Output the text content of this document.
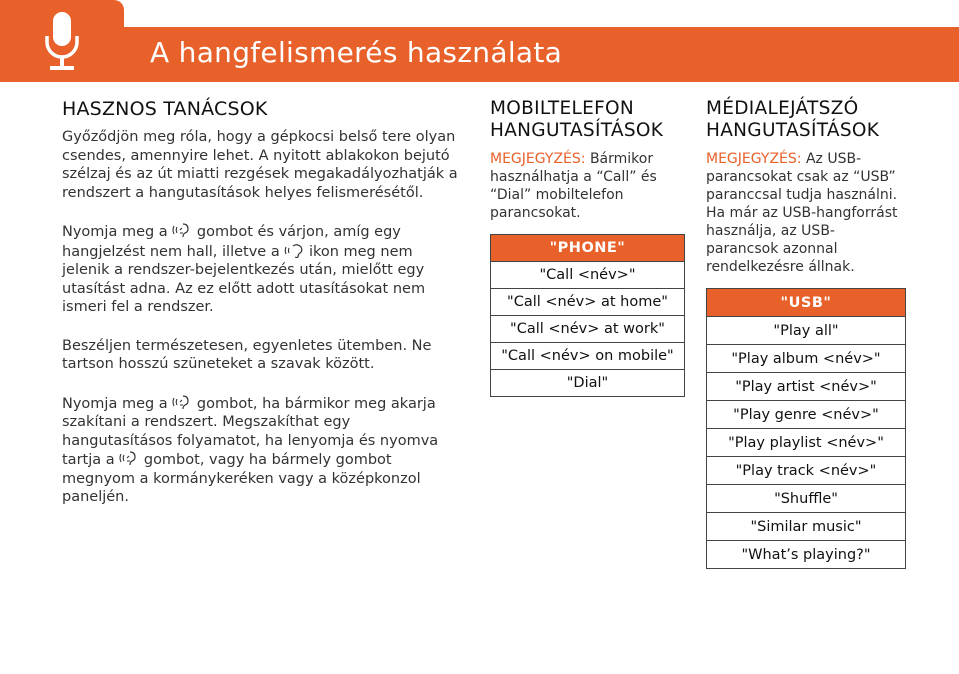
A hangfelismerés használata
HASZNOS TANÁCSOK

Győződjön meg róla, hogy a gépkocsi belső tere olyan csendes, amennyire lehet. A nyitott ablakokon bejutó szélzaj és az út miatti rezgések megakadályozhatják a rendszert a hangutasítások helyes felismerésétől.

Nyomja meg a gombot és várjon, amíg egy hangjelzést nem hall, illetve a ikon meg nem jelenik a rendszer-bejelentkezés után, mielőtt egy utasítást adna. Az ez előtt adott utasításokat nem ismeri fel a rendszer.

Beszéljen természetesen, egyenletes ütemben. Ne tartson hosszú szüneteket a szavak között.

Nyomja meg a gombot, ha bármikor meg akarja szakítani a rendszert. Megszakíthat egy hangutasításos folyamatot, ha lenyomja és nyomva tartja a gombot, vagy ha bármely gombot megnyom a kormánykeréken vagy a középkonzol paneljén.

MOBILTELEFON
HANGUTASÍTÁSOK

MEGJEGYZÉS: Bármikor használhatja a “Call” és “Dial” mobiltelefon parancsokat.

"PHONE"
"Call <név>"
"Call <név> at home"
"Call <név> at work"
"Call <név> on mobile"
"Dial"
MÉDIALEJÁTSZÓ
HANGUTASÍTÁSOK

MEGJEGYZÉS: Az USB-parancsokat csak az “USB” paranccsal tudja használni. Ha már az USB-hangforrást használja, az USB-parancsok azonnal rendelkezésre állnak.

"USB"
"Play all"
"Play album <név>"
"Play artist <név>"
"Play genre <név>"
"Play playlist <név>"
"Play track <név>"
"Shuffle"
"Similar music"
"What’s playing?"
